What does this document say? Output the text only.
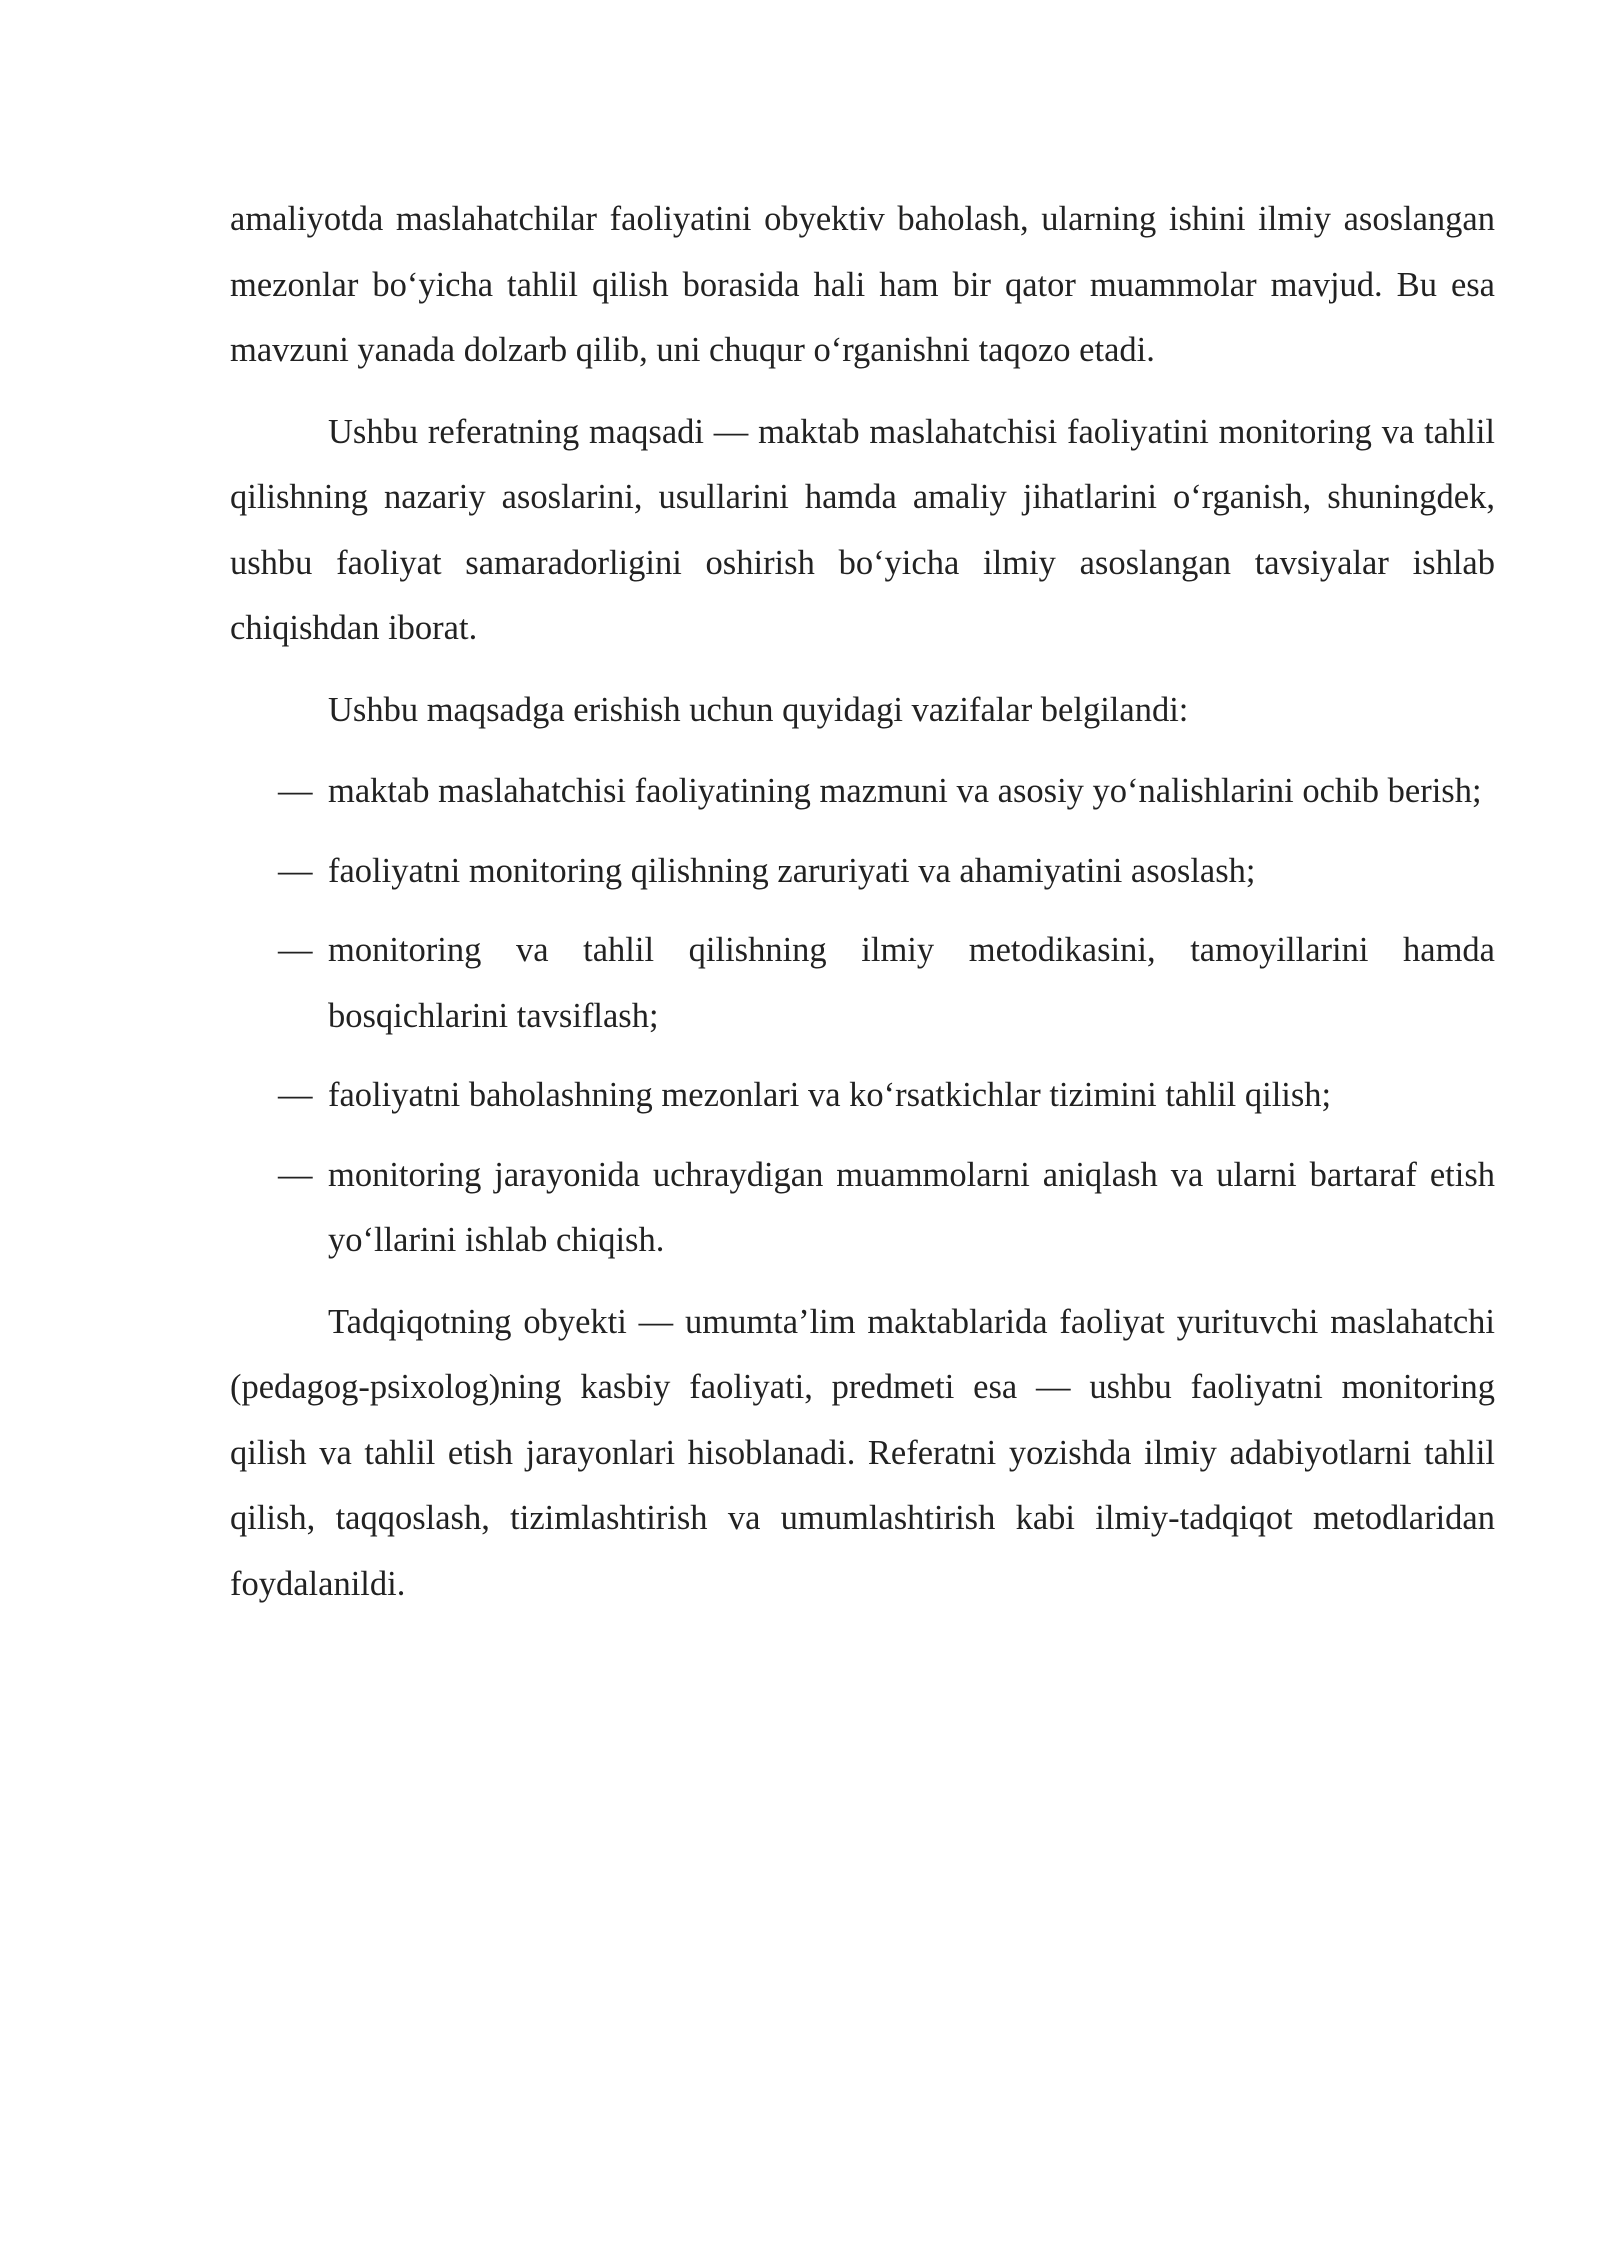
amaliyotda maslahatchilar faoliyatini obyektiv baholash, ularning ishini ilmiy asoslangan mezonlar bo‘yicha tahlil qilish borasida hali ham bir qator muammolar mavjud. Bu esa mavzuni yanada dolzarb qilib, uni chuqur o‘rganishni taqozo etadi.

Ushbu referatning maqsadi — maktab maslahatchisi faoliyatini monitoring va tahlil qilishning nazariy asoslarini, usullarini hamda amaliy jihatlarini o‘rganish, shuningdek, ushbu faoliyat samaradorligini oshirish bo‘yicha ilmiy asoslangan tavsiyalar ishlab chiqishdan iborat.

Ushbu maqsadga erishish uchun quyidagi vazifalar belgilandi:

— maktab maslahatchisi faoliyatining mazmuni va asosiy yo‘nalishlarini ochib berish;
— faoliyatni monitoring qilishning zaruriyati va ahamiyatini asoslash;
— monitoring va tahlil qilishning ilmiy metodikasini, tamoyillarini hamda bosqichlarini tavsiflash;
— faoliyatni baholashning mezonlari va ko‘rsatkichlar tizimini tahlil qilish;
— monitoring jarayonida uchraydigan muammolarni aniqlash va ularni bartaraf etish yo‘llarini ishlab chiqish.

Tadqiqotning obyekti — umumta’lim maktablarida faoliyat yurituvchi maslahatchi (pedagog-psixolog)ning kasbiy faoliyati, predmeti esa — ushbu faoliyatni monitoring qilish va tahlil etish jarayonlari hisoblanadi. Referatni yozishda ilmiy adabiyotlarni tahlil qilish, taqqoslash, tizimlashtirish va umumlashtirish kabi ilmiy-tadqiqot metodlaridan foydalanildi.
